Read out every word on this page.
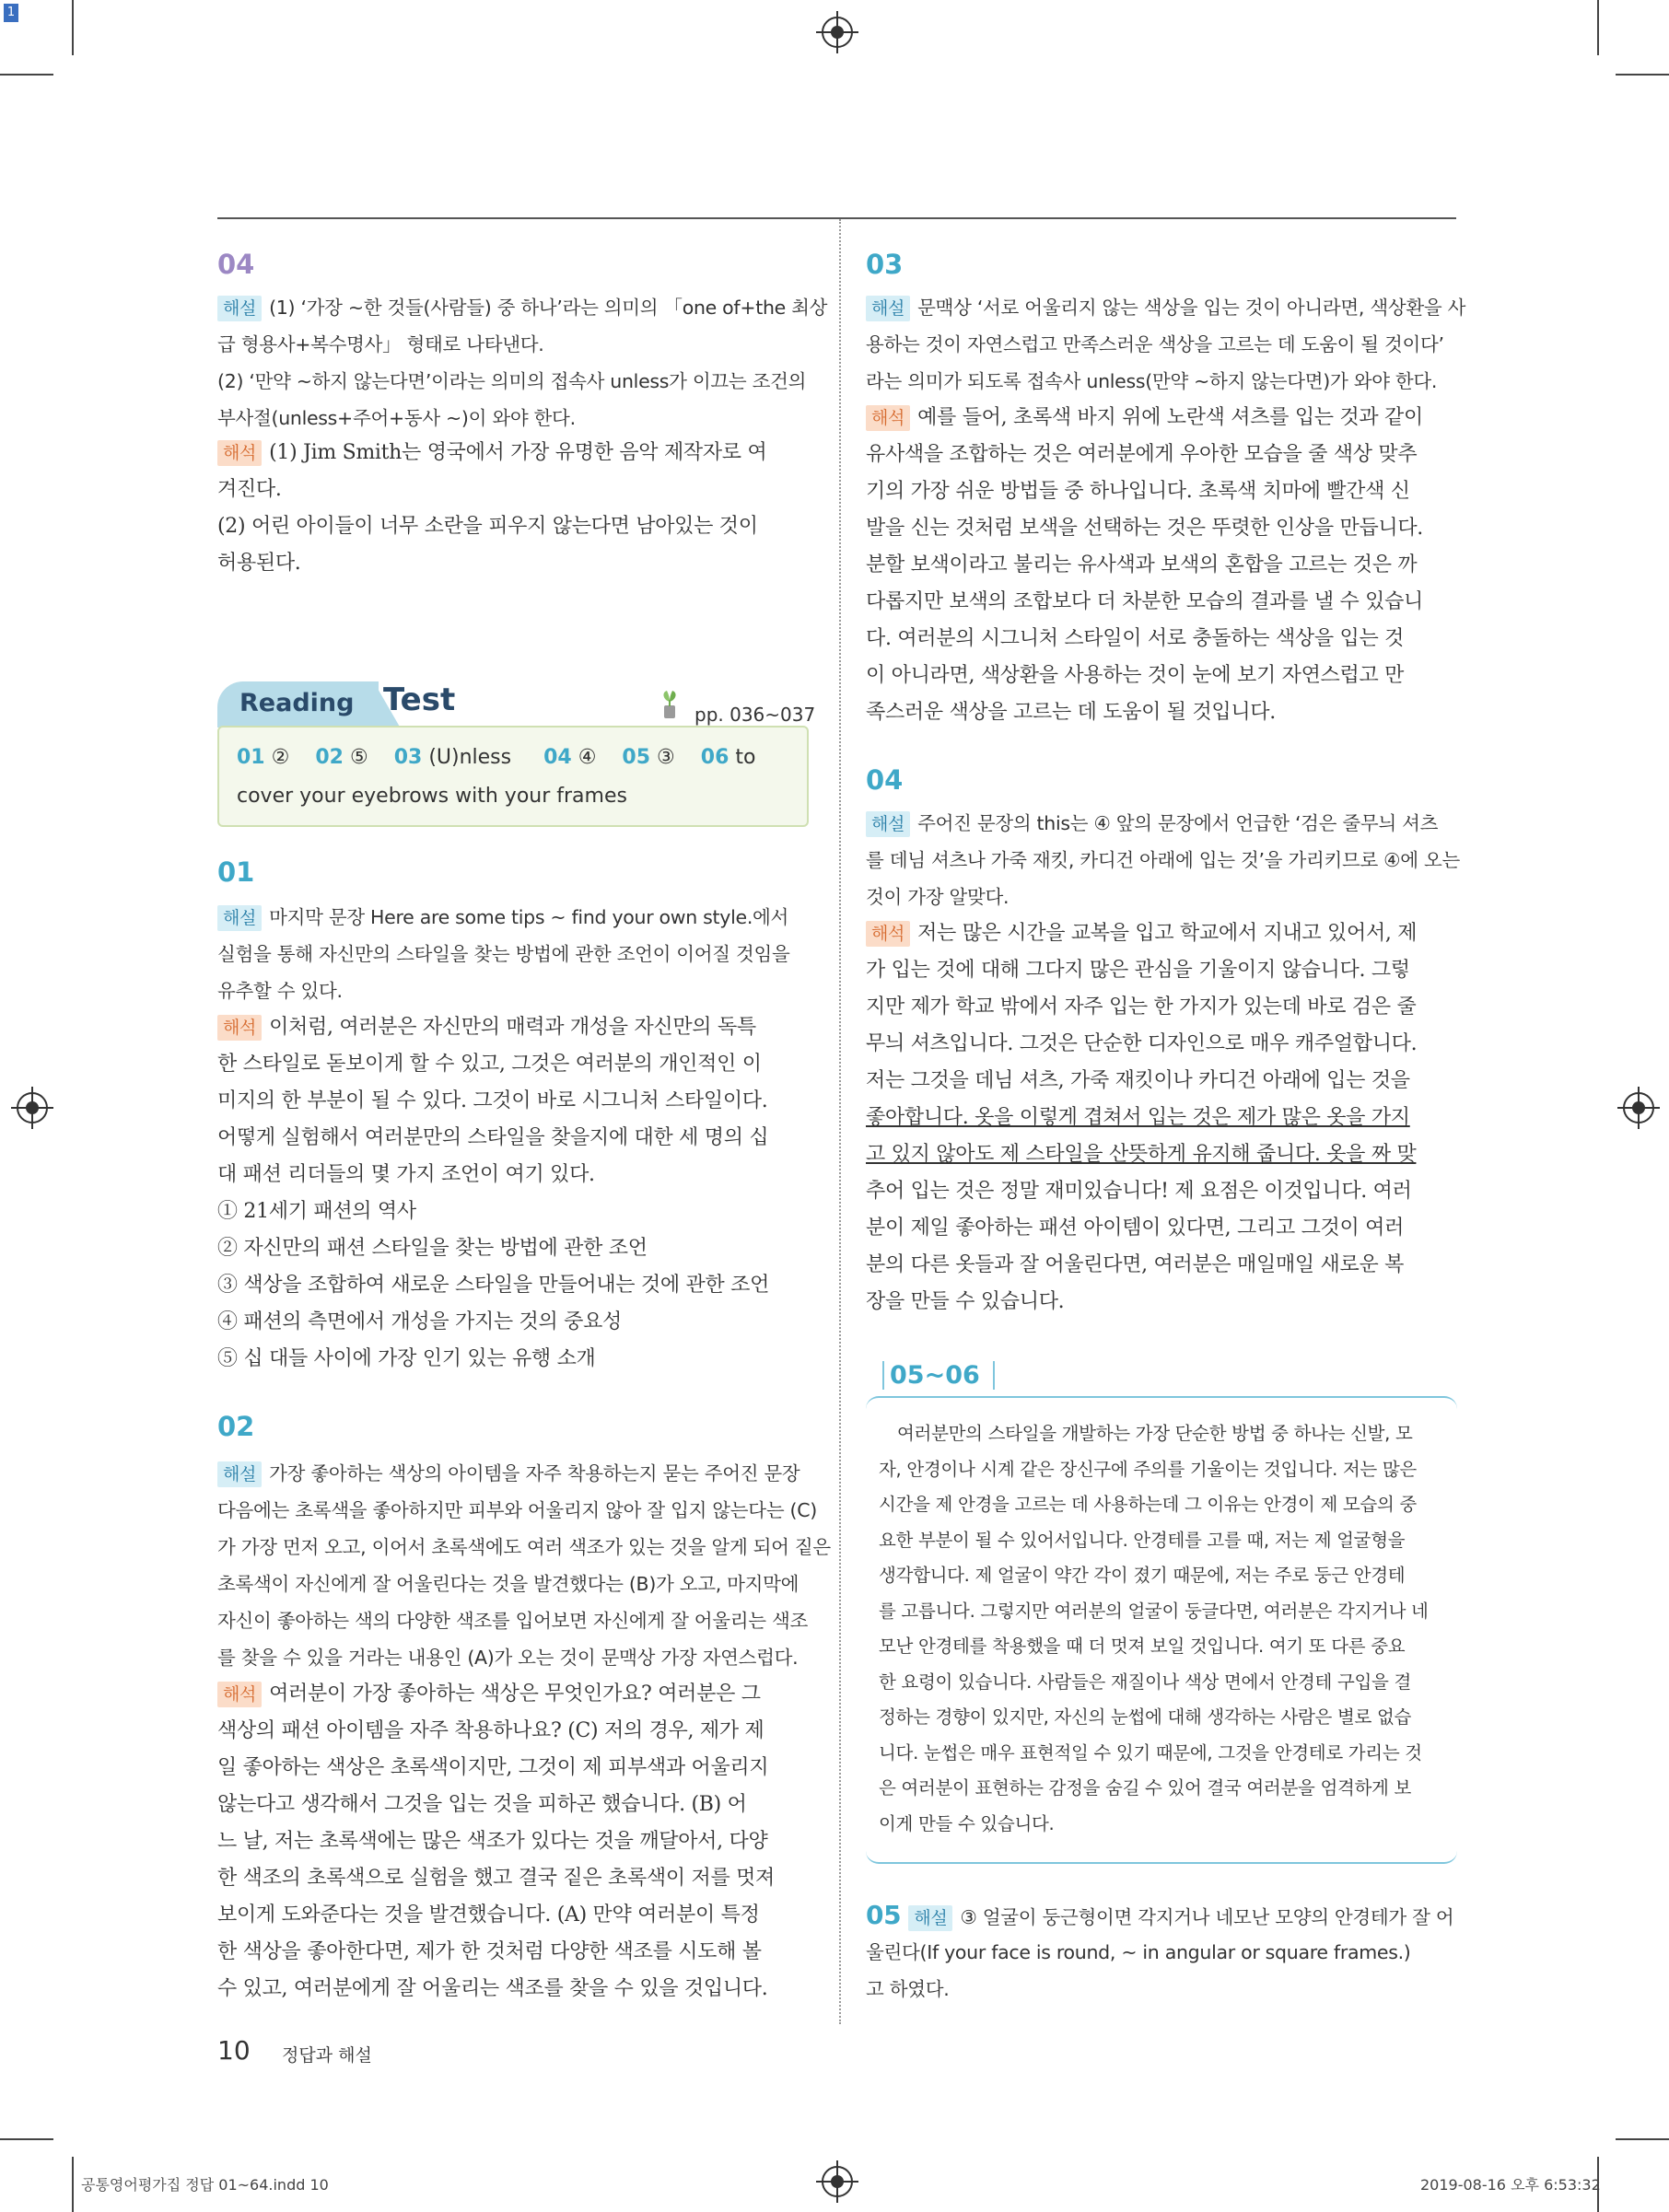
1
04
해설 (1) ‘가장 ~한 것들(사람들) 중 하나’라는 의미의 「one of+the 최상
급 형용사+복수명사」 형태로 나타낸다.
(2) ‘만약 ~하지 않는다면’이라는 의미의 접속사 unless가 이끄는 조건의
부사절(unless+주어+동사 ~)이 와야 한다.
해석 (1) Jim Smith는 영국에서 가장 유명한 음악 제작자로 여
겨진다.
(2) 어린 아이들이 너무 소란을 피우지 않는다면 남아있는 것이
허용된다.
Reading Test	pp. 036~037
01 ② 02 ⑤ 03 (U)nless 04 ④ 05 ③ 06 to
cover your eyebrows with your frames
01
해설 마지막 문장 Here are some tips ~ find your own style.에서
실험을 통해 자신만의 스타일을 찾는 방법에 관한 조언이 이어질 것임을
유추할 수 있다.
해석 이처럼, 여러분은 자신만의 매력과 개성을 자신만의 독특
한 스타일로 돋보이게 할 수 있고, 그것은 여러분의 개인적인 이
미지의 한 부분이 될 수 있다. 그것이 바로 시그니처 스타일이다.
어떻게 실험해서 여러분만의 스타일을 찾을지에 대한 세 명의 십
대 패션 리더들의 몇 가지 조언이 여기 있다.
① 21세기 패션의 역사
② 자신만의 패션 스타일을 찾는 방법에 관한 조언
③ 색상을 조합하여 새로운 스타일을 만들어내는 것에 관한 조언
④ 패션의 측면에서 개성을 가지는 것의 중요성
⑤ 십 대들 사이에 가장 인기 있는 유행 소개
02
해설 가장 좋아하는 색상의 아이템을 자주 착용하는지 묻는 주어진 문장
다음에는 초록색을 좋아하지만 피부와 어울리지 않아 잘 입지 않는다는 (C)
가 가장 먼저 오고, 이어서 초록색에도 여러 색조가 있는 것을 알게 되어 짙은
초록색이 자신에게 잘 어울린다는 것을 발견했다는 (B)가 오고, 마지막에
자신이 좋아하는 색의 다양한 색조를 입어보면 자신에게 잘 어울리는 색조
를 찾을 수 있을 거라는 내용인 (A)가 오는 것이 문맥상 가장 자연스럽다.
해석 여러분이 가장 좋아하는 색상은 무엇인가요? 여러분은 그
색상의 패션 아이템을 자주 착용하나요? (C) 저의 경우, 제가 제
일 좋아하는 색상은 초록색이지만, 그것이 제 피부색과 어울리지
않는다고 생각해서 그것을 입는 것을 피하곤 했습니다. (B) 어
느 날, 저는 초록색에는 많은 색조가 있다는 것을 깨달아서, 다양
한 색조의 초록색으로 실험을 했고 결국 짙은 초록색이 저를 멋져
보이게 도와준다는 것을 발견했습니다. (A) 만약 여러분이 특정
한 색상을 좋아한다면, 제가 한 것처럼 다양한 색조를 시도해 볼
수 있고, 여러분에게 잘 어울리는 색조를 찾을 수 있을 것입니다.
03
해설 문맥상 ‘서로 어울리지 않는 색상을 입는 것이 아니라면, 색상환을 사
용하는 것이 자연스럽고 만족스러운 색상을 고르는 데 도움이 될 것이다’
라는 의미가 되도록 접속사 unless(만약 ~하지 않는다면)가 와야 한다.
해석 예를 들어, 초록색 바지 위에 노란색 셔츠를 입는 것과 같이
유사색을 조합하는 것은 여러분에게 우아한 모습을 줄 색상 맞추
기의 가장 쉬운 방법들 중 하나입니다. 초록색 치마에 빨간색 신
발을 신는 것처럼 보색을 선택하는 것은 뚜렷한 인상을 만듭니다.
분할 보색이라고 불리는 유사색과 보색의 혼합을 고르는 것은 까
다롭지만 보색의 조합보다 더 차분한 모습의 결과를 낼 수 있습니
다. 여러분의 시그니처 스타일이 서로 충돌하는 색상을 입는 것
이 아니라면, 색상환을 사용하는 것이 눈에 보기 자연스럽고 만
족스러운 색상을 고르는 데 도움이 될 것입니다.
04
해설 주어진 문장의 this는 ④ 앞의 문장에서 언급한 ‘검은 줄무늬 셔츠
를 데님 셔츠나 가죽 재킷, 카디건 아래에 입는 것’을 가리키므로 ④에 오는
것이 가장 알맞다.
해석 저는 많은 시간을 교복을 입고 학교에서 지내고 있어서, 제
가 입는 것에 대해 그다지 많은 관심을 기울이지 않습니다. 그렇
지만 제가 학교 밖에서 자주 입는 한 가지가 있는데 바로 검은 줄
무늬 셔츠입니다. 그것은 단순한 디자인으로 매우 캐주얼합니다.
저는 그것을 데님 셔츠, 가죽 재킷이나 카디건 아래에 입는 것을
좋아합니다. 옷을 이렇게 겹쳐서 입는 것은 제가 많은 옷을 가지
고 있지 않아도 제 스타일을 산뜻하게 유지해 줍니다. 옷을 짜 맞
추어 입는 것은 정말 재미있습니다! 제 요점은 이것입니다. 여러
분이 제일 좋아하는 패션 아이템이 있다면, 그리고 그것이 여러
분의 다른 옷들과 잘 어울린다면, 여러분은 매일매일 새로운 복
장을 만들 수 있습니다.
여러분만의 스타일을 개발하는 가장 단순한 방법 중 하나는 신발, 모
자, 안경이나 시계 같은 장신구에 주의를 기울이는 것입니다. 저는 많은
시간을 제 안경을 고르는 데 사용하는데 그 이유는 안경이 제 모습의 중
요한 부분이 될 수 있어서입니다. 안경테를 고를 때, 저는 제 얼굴형을
생각합니다. 제 얼굴이 약간 각이 졌기 때문에, 저는 주로 둥근 안경테
를 고릅니다. 그렇지만 여러분의 얼굴이 둥글다면, 여러분은 각지거나 네
모난 안경테를 착용했을 때 더 멋져 보일 것입니다. 여기 또 다른 중요
한 요령이 있습니다. 사람들은 재질이나 색상 면에서 안경테 구입을 결
정하는 경향이 있지만, 자신의 눈썹에 대해 생각하는 사람은 별로 없습
니다. 눈썹은 매우 표현적일 수 있기 때문에, 그것을 안경테로 가리는 것
은 여러분이 표현하는 감정을 숨길 수 있어 결국 여러분을 엄격하게 보
이게 만들 수 있습니다.
05~06
05 해설 ③ 얼굴이 둥근형이면 각지거나 네모난 모양의 안경테가 잘 어
울린다(If your face is round, ~ in angular or square frames.)
고 하였다.
10 정답과 해설
공통영어평가집 정답 01~64.indd 10	2019-08-16 오후 6:53:32
